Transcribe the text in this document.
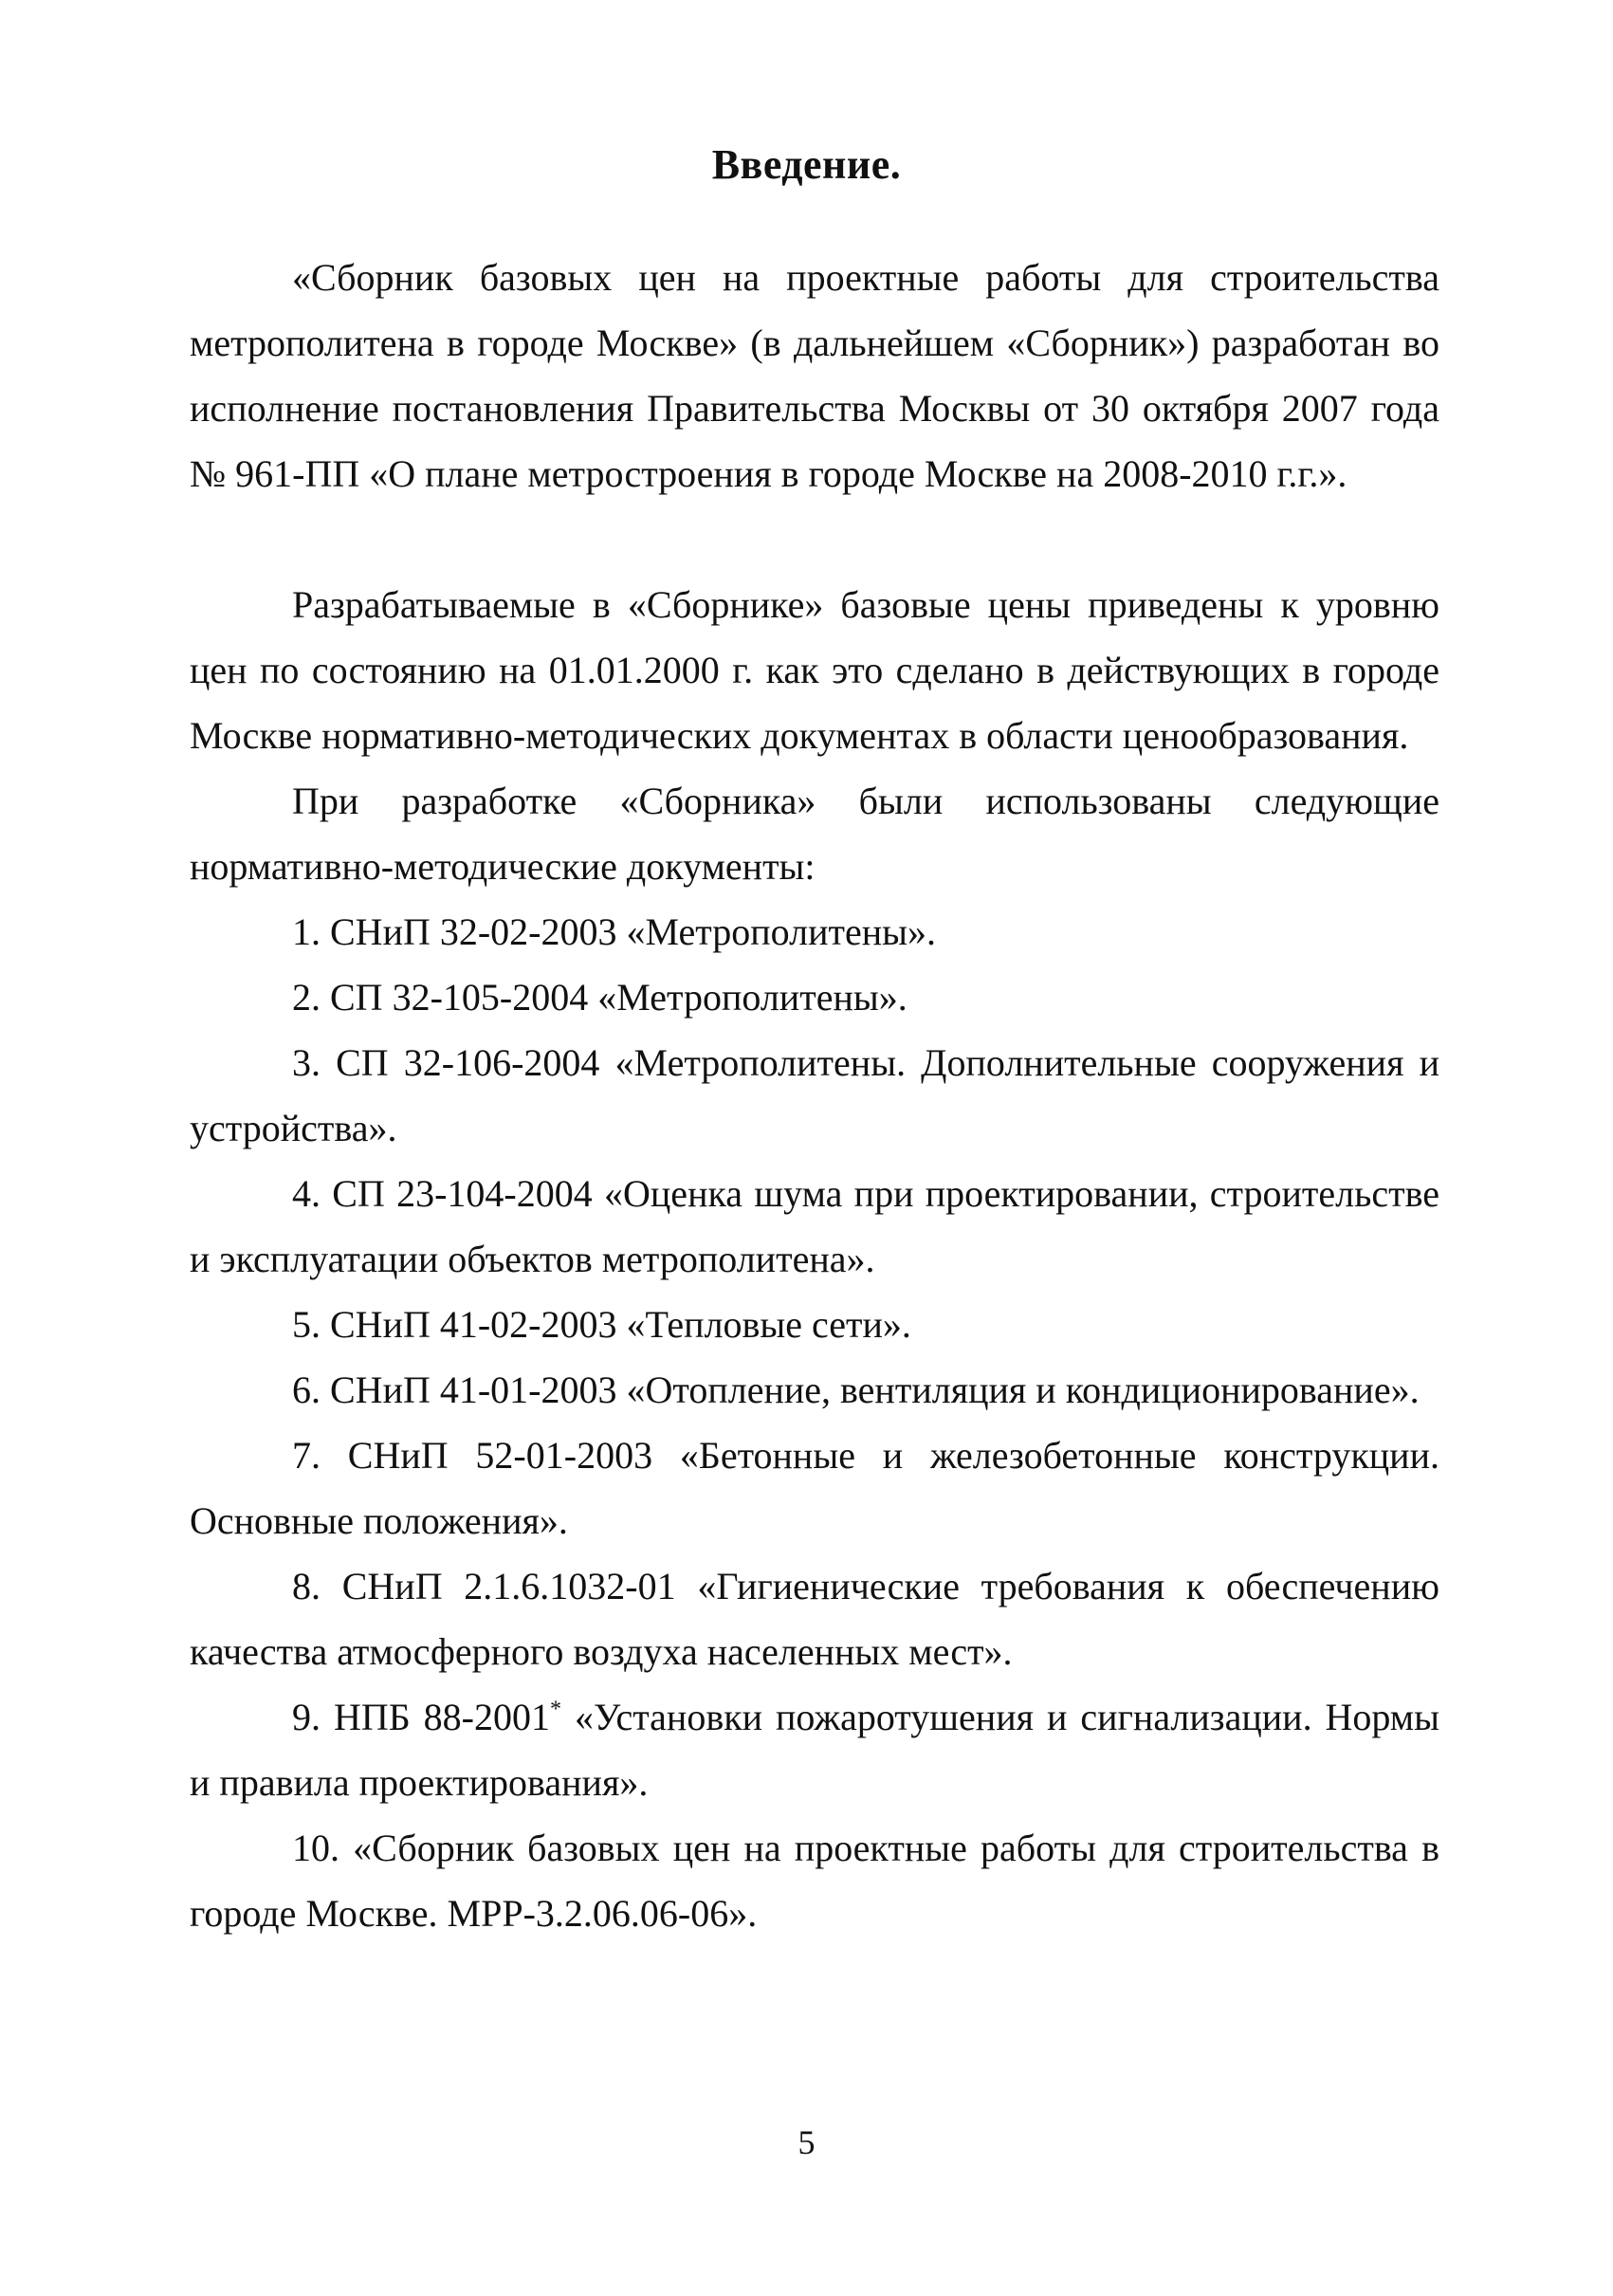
Введение.

«Сборник базовых цен на проектные работы для строительства метрополитена в городе Москве» (в дальнейшем «Сборник») разработан во исполнение постановления Правительства Москвы от 30 октября 2007 года № 961-ПП «О плане метростроения в городе Москве на 2008-2010 г.г.».

Разрабатываемые в «Сборнике» базовые цены приведены к уровню цен по состоянию на 01.01.2000 г. как это сделано в действующих в городе Москве нормативно-методических документах в области ценообразования.

При разработке «Сборника» были использованы следующие нормативно-методические документы:

1. СНиП 32-02-2003 «Метрополитены».

2. СП 32-105-2004 «Метрополитены».

3. СП 32-106-2004 «Метрополитены. Дополнительные сооружения и устройства».

4. СП 23-104-2004 «Оценка шума при проектировании, строительстве и эксплуатации объектов метрополитена».

5. СНиП 41-02-2003 «Тепловые сети».

6. СНиП 41-01-2003 «Отопление, вентиляция и кондиционирование».

7. СНиП 52-01-2003 «Бетонные и железобетонные конструкции. Основные положения».

8. СНиП 2.1.6.1032-01 «Гигиенические требования к обеспечению качества атмосферного воздуха населенных мест».

9. НПБ 88-2001* «Установки пожаротушения и сигнализации. Нормы и правила проектирования».

10. «Сборник базовых цен на проектные работы для строительства в городе Москве. МРР-3.2.06.06-06».

5
